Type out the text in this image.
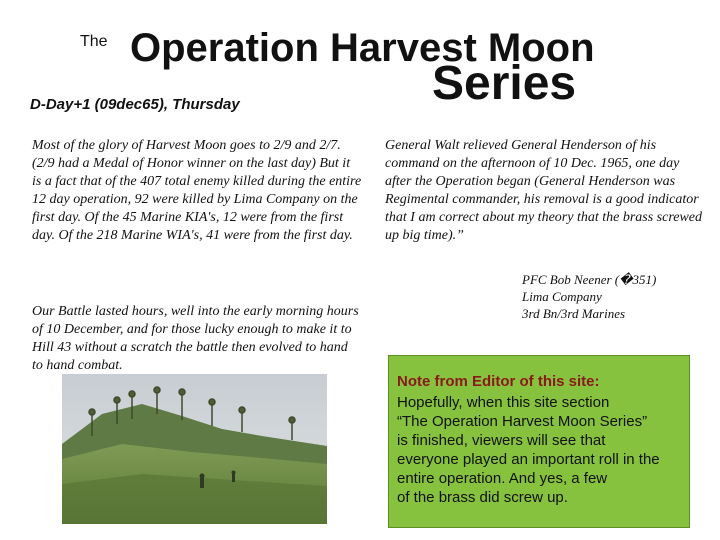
The Operation Harvest Moon
Series
D-Day+1 (09dec65), Thursday
Most of the glory of Harvest Moon goes to 2/9 and 2/7. (2/9 had a Medal of Honor winner on the last day) But it is a fact that of the 407 total enemy killed during the entire 12 day operation, 92 were killed by Lima Company on the first day. Of the 45 Marine KIA's, 12 were from the first day. Of the 218 Marine WIA's, 41 were from the first day.
Our Battle lasted hours, well into the early morning hours of 10 December, and for those lucky enough to make it to Hill 43 without a scratch the battle then evolved to hand to hand combat.
General Walt relieved General Henderson of his command on the afternoon of 10 Dec. 1965, one day after the Operation began (General Henderson was Regimental commander, his removal is a good indicator that I am correct about my theory that the brass screwed up big time).”
PFC Bob Neener (�351)
Lima Company
3rd Bn/3rd Marines
Note from Editor of this site:
Hopefully, when this site section
“The Operation Harvest Moon Series”
is finished, viewers will see that
everyone played an important roll in the
entire operation. And yes, a few
of the brass did screw up.
